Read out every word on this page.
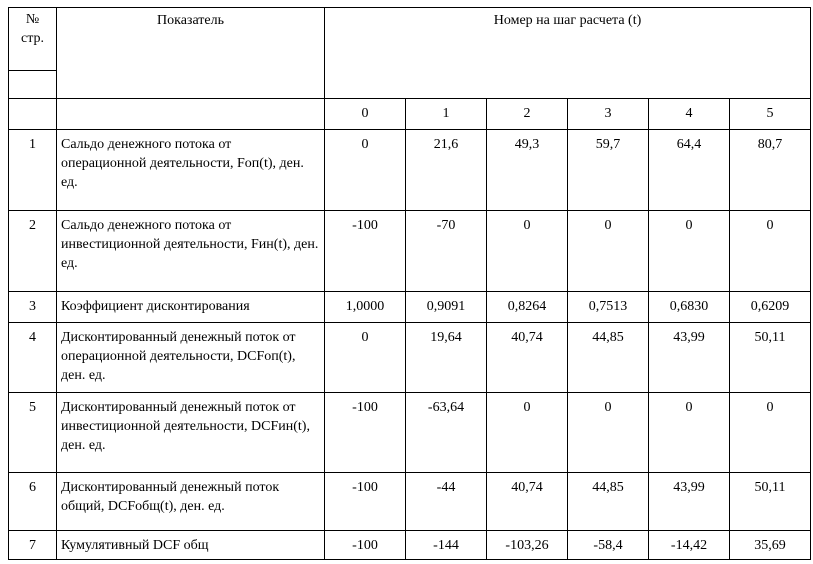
№
стр.	Показатель	Номер на шаг расчета (t)					

		0	1	2	3	4	5
1	Сальдо денежного потока от операционной деятельности, Fоп(t), ден. ед.	0	21,6	49,3	59,7	64,4	80,7
2	Сальдо денежного потока от инвестиционной деятельности, Fин(t), ден. ед.	-100	-70	0	0	0	0
3	Коэффициент дисконтирования	1,0000	0,9091	0,8264	0,7513	0,6830	0,6209
4	Дисконтированный денежный поток от операционной деятельности, DCFоп(t), ден. ед.	0	19,64	40,74	44,85	43,99	50,11
5	Дисконтированный денежный поток от инвестиционной деятельности, DCFин(t), ден. ед.	-100	-63,64	0	0	0	0
6	Дисконтированный денежный поток общий, DCFобщ(t), ден. ед.	-100	-44	40,74	44,85	43,99	50,11
7	Кумулятивный DCF общ	-100	-144	-103,26	-58,4	-14,42	35,69
